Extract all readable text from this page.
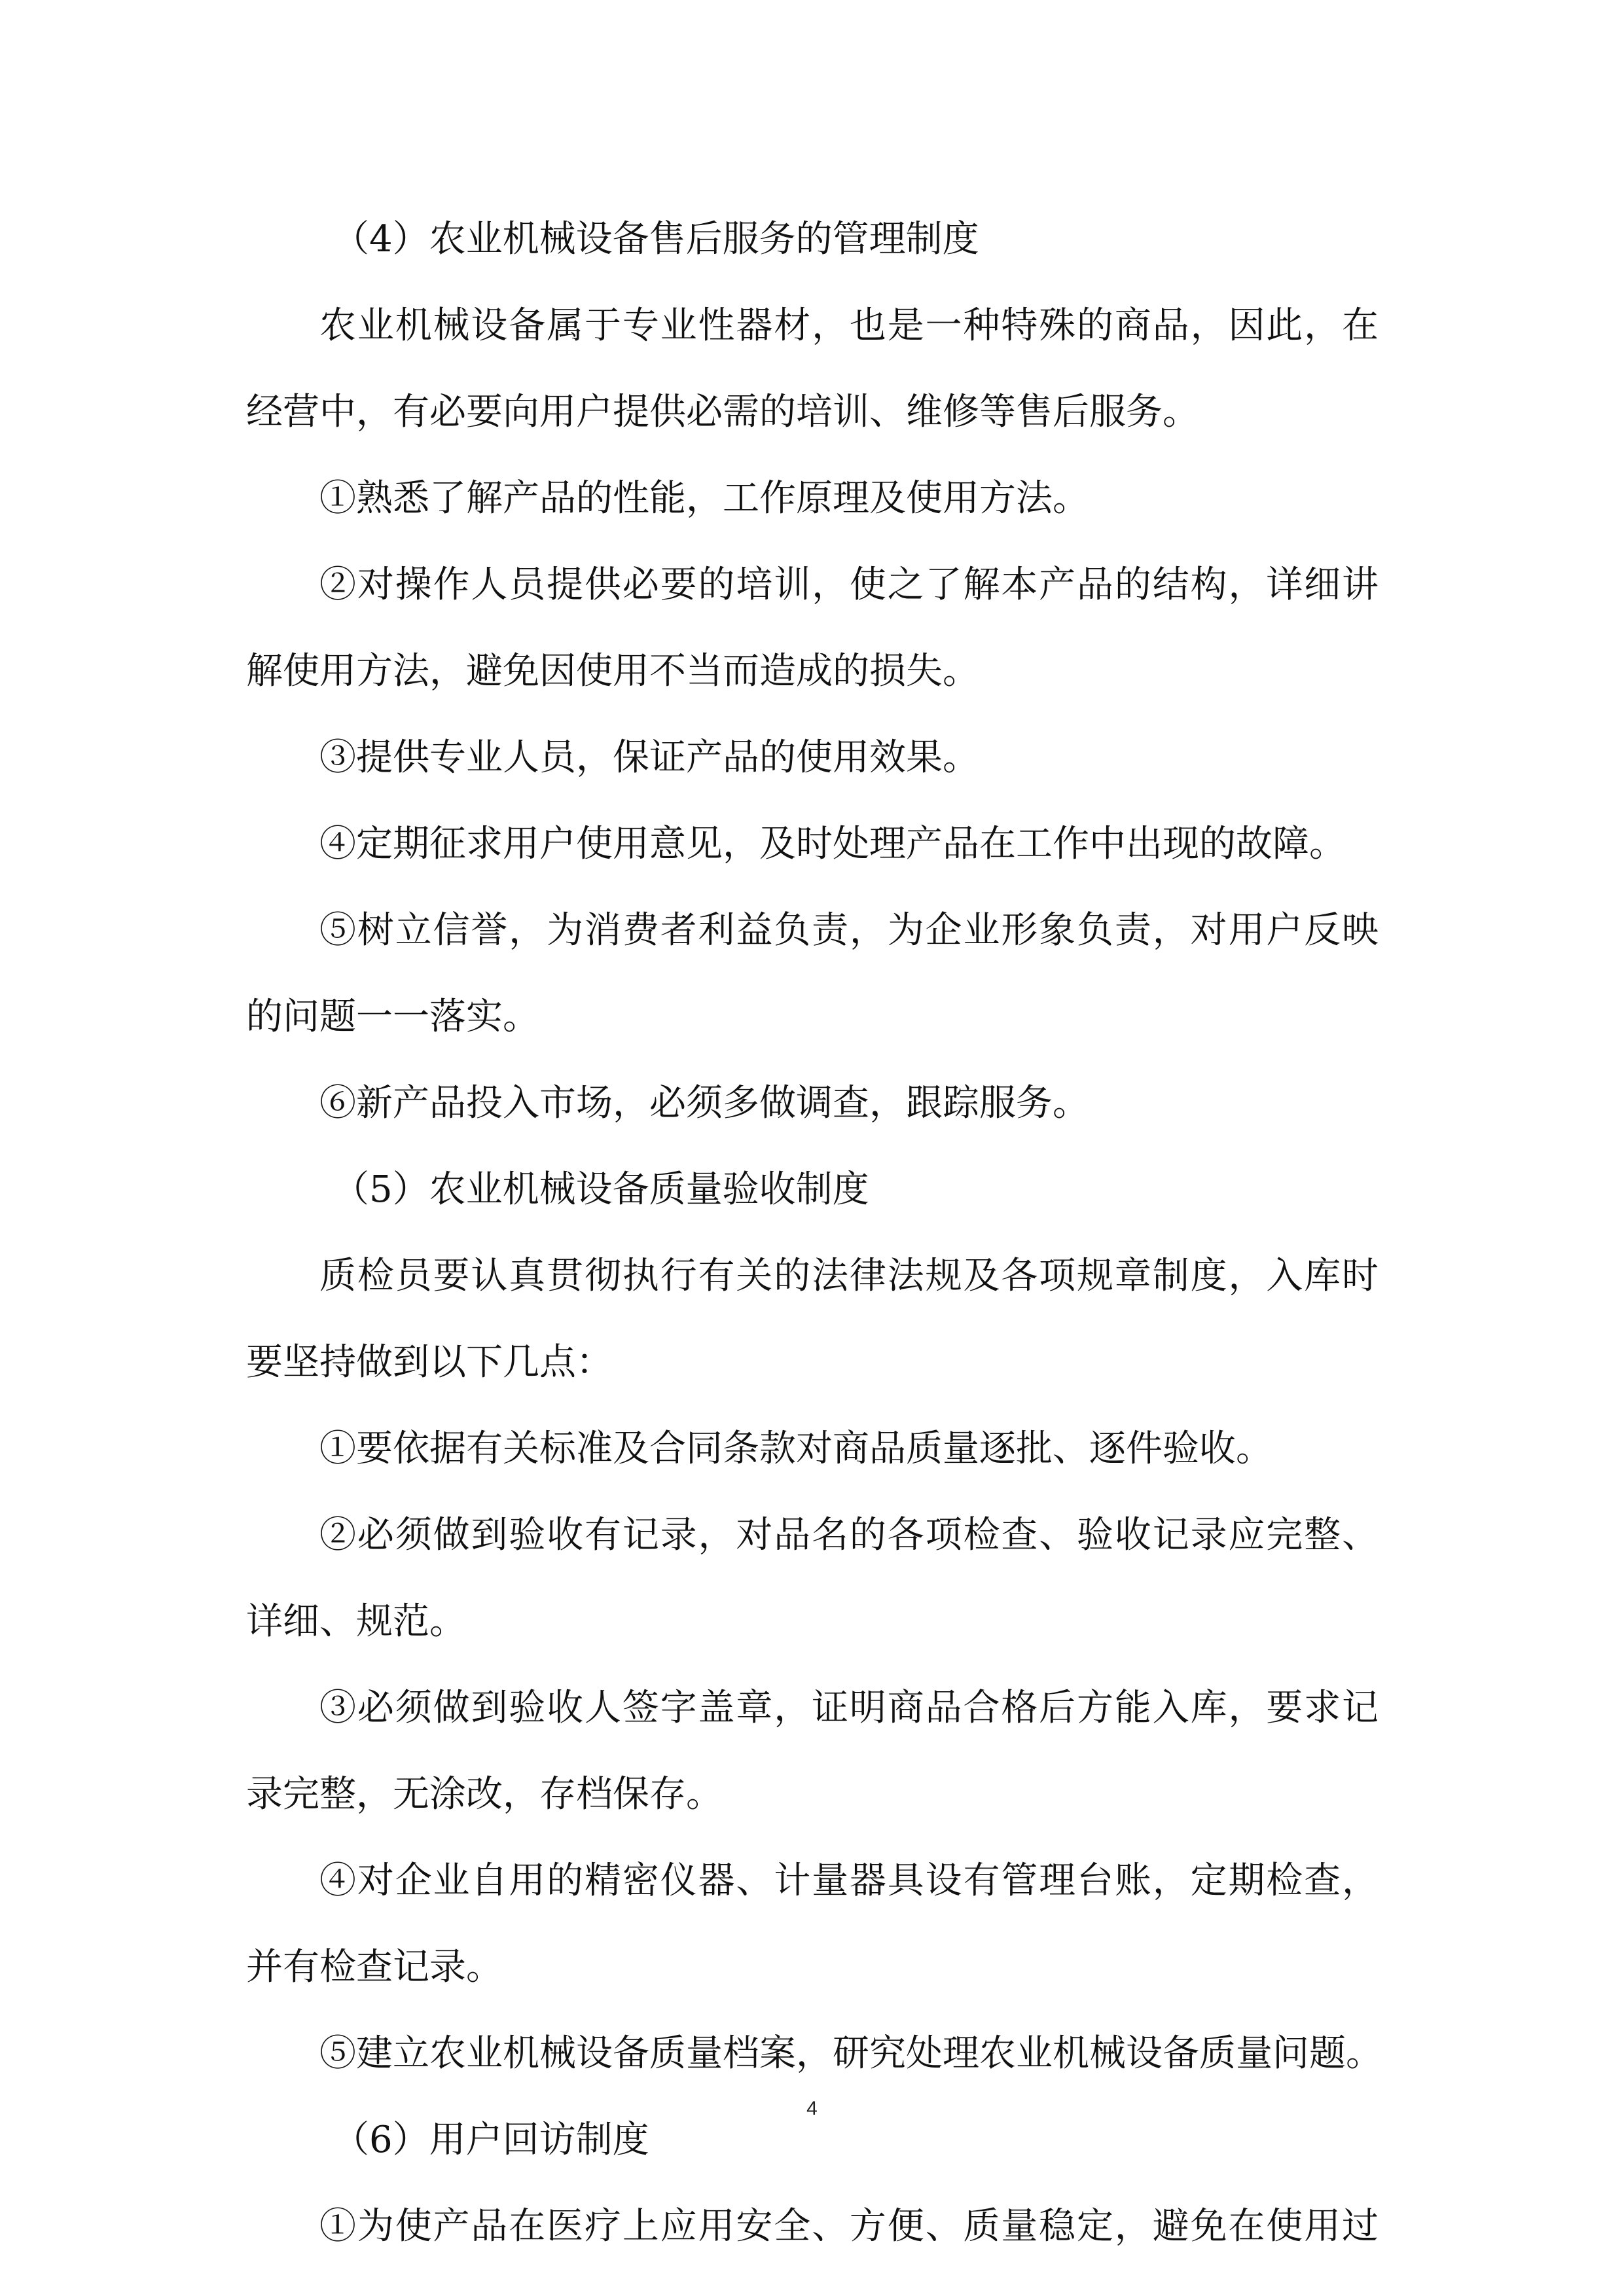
（4）农业机械设备售后服务的管理制度
农业机械设备属于专业性器材，也是一种特殊的商品，因此，在
经营中，有必要向用户提供必需的培训、维修等售后服务。
①熟悉了解产品的性能，工作原理及使用方法。
②对操作人员提供必要的培训，使之了解本产品的结构，详细讲
解使用方法，避免因使用不当而造成的损失。
③提供专业人员，保证产品的使用效果。
④定期征求用户使用意见，及时处理产品在工作中出现的故障。
⑤树立信誉，为消费者利益负责，为企业形象负责，对用户反映
的问题一一落实。
⑥新产品投入市场，必须多做调查，跟踪服务。
（5）农业机械设备质量验收制度
质检员要认真贯彻执行有关的法律法规及各项规章制度，入库时
要坚持做到以下几点：
①要依据有关标准及合同条款对商品质量逐批、逐件验收。
②必须做到验收有记录，对品名的各项检查、验收记录应完整、
详细、规范。
③必须做到验收人签字盖章，证明商品合格后方能入库，要求记
录完整，无涂改，存档保存。
④对企业自用的精密仪器、计量器具设有管理台账，定期检查，
并有检查记录。
⑤建立农业机械设备质量档案，研究处理农业机械设备质量问题。
（6）用户回访制度
①为使产品在医疗上应用安全、方便、质量稳定，避免在使用过
4
